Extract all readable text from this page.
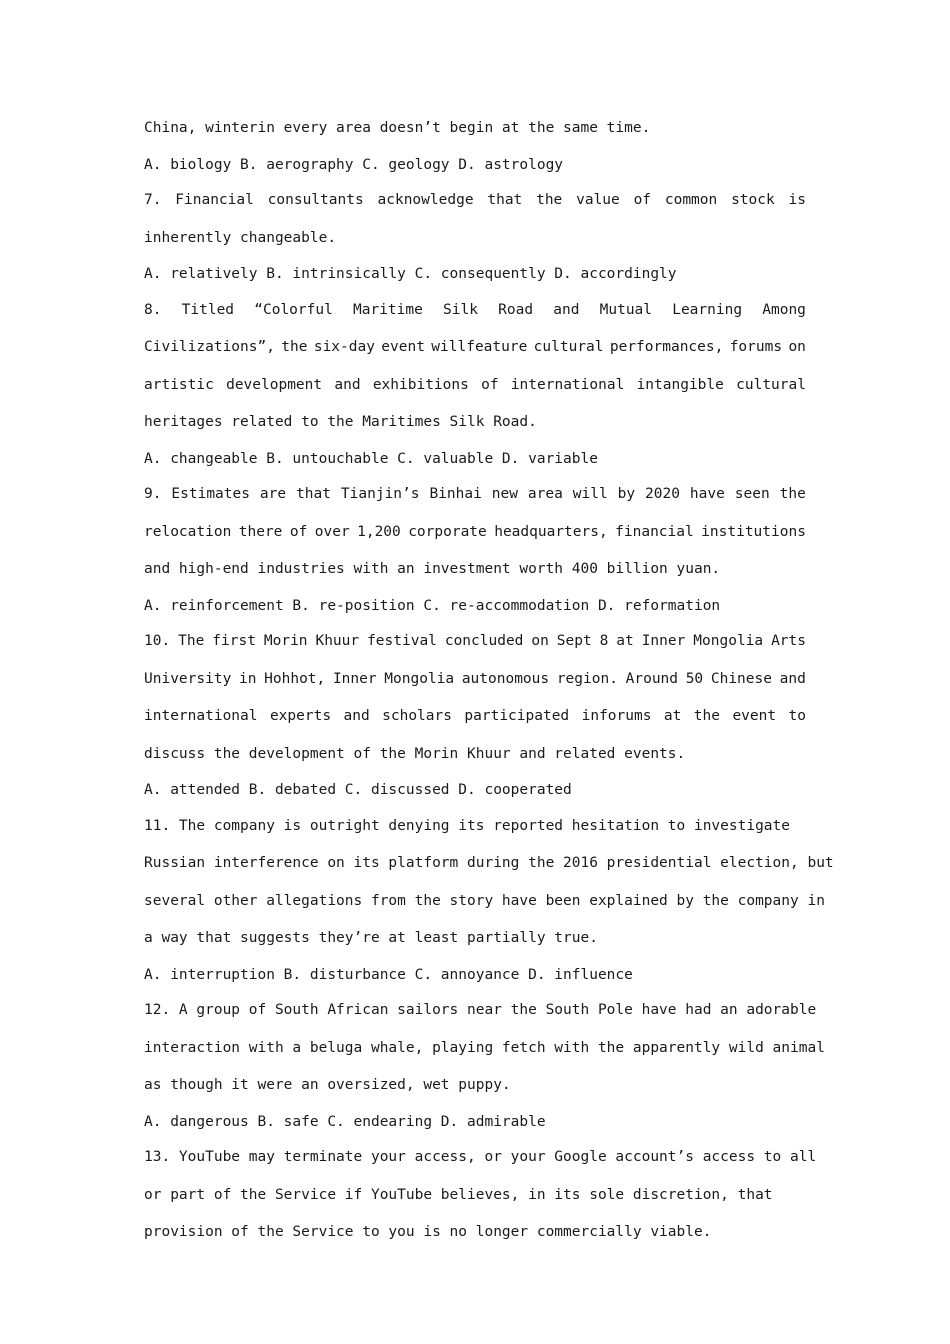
China, winterin every area doesn’t begin at the same time.
A. biology B. aerography C. geology D. astrology
7. Financial consultants acknowledge that the value of common stock is
inherently changeable.
A. relatively B. intrinsically C. consequently D. accordingly
8. Titled “Colorful Maritime Silk Road and Mutual Learning Among
Civilizations”, the six-day event willfeature cultural performances, forums on
artistic development and exhibitions of international intangible cultural
heritages related to the Maritimes Silk Road.
A. changeable B. untouchable C. valuable D. variable
9. Estimates are that Tianjin’s Binhai new area will by 2020 have seen the
relocation there of over 1,200 corporate headquarters, financial institutions
and high-end industries with an investment worth 400 billion yuan.
A. reinforcement B. re-position C. re-accommodation D. reformation
10. The first Morin Khuur festival concluded on Sept 8 at Inner Mongolia Arts
University in Hohhot, Inner Mongolia autonomous region. Around 50 Chinese and
international experts and scholars participated inforums at the event to
discuss the development of the Morin Khuur and related events.
A. attended B. debated C. discussed D. cooperated
11. The company is outright denying its reported hesitation to investigate
Russian interference on its platform during the 2016 presidential election, but
several other allegations from the story have been explained by the company in
a way that suggests they’re at least partially true.
A. interruption B. disturbance C. annoyance D. influence
12. A group of South African sailors near the South Pole have had an adorable
interaction with a beluga whale, playing fetch with the apparently wild animal
as though it were an oversized, wet puppy.
A. dangerous B. safe C. endearing D. admirable
13. YouTube may terminate your access, or your Google account’s access to all
or part of the Service if YouTube believes, in its sole discretion, that
provision of the Service to you is no longer commercially viable.
